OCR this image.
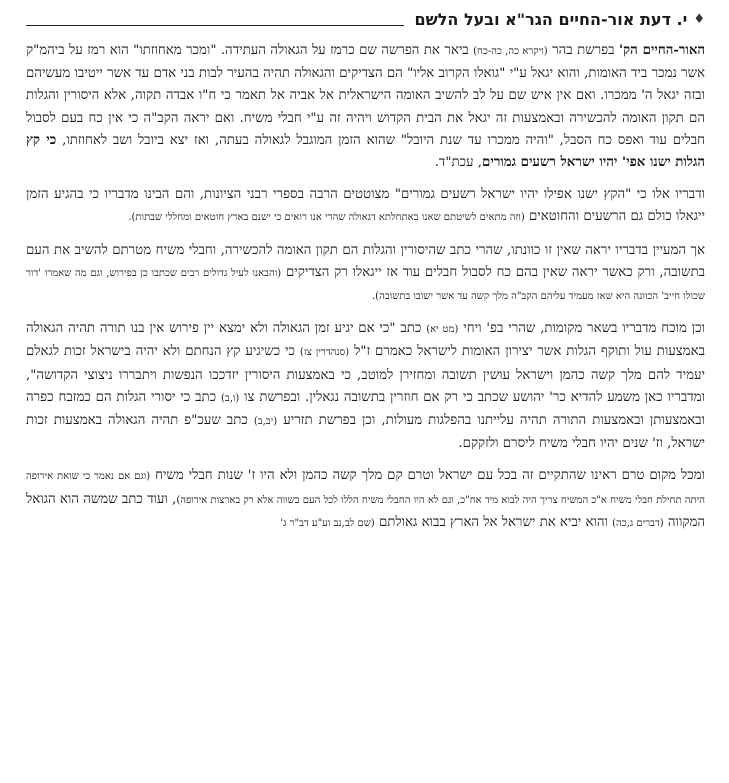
♦
י. דעת אור-החיים הגר"א ובעל הלשם

האור-החיים הק' בפרשת בהר (ויקרא כה, כה-כח) ביאר את הפרשה שם כרמז על הגאולה העתידה. "ומכר מאחוזתו" הוא רמז על ביהמ"ק אשר נמכר ביד האומות, והוא יגאל ע"י "גואלו הקרוב אליו" הם הצדיקים והגאולה תהיה בהעיר לבות בני אדם עד אשר ייטיבו מעשיהם ובזה יגאל ה' ממכרו. ואם אין איש שם על לב להשיב האומה הישראלית אל אביה אל תאמר כי ח"ו אבדה תקוה, אלא היסורין והגלות הם תקון האומה להכשירה ובאמצעות זה יגאל את הבית הקדוש ויהיה זה ע"י חבלי משיח. ואם יראה הקב"ה כי אין כח בעם לסבול חבלים עוד ואפס כח הסבל, "והיה ממכרו עד שנת היובל" שהוא הזמן המוגבל לגאולה בעתה, ואז יצא ביובל ושב לאחוזתו, כי קץ הגלות ישנו אפי' יהיו ישראל רשעים גמורים, עכת"ד.

ודבריו אלו כי "הקץ ישנו אפילו יהיו ישראל רשעים גמורים" מצוטטים הרבה בספרי רבני הציונות, והם הבינו מדבריו כי בהגיע הזמן ייגאלו כולם גם הרשעים והחוטאים (וזה מתאים לשיטתם שאנו באתחלתא דגאולה שהרי אנו רואים כי ישנם בארץ חוטאים ומחללי שבתות).

אך המעיין בדבריו יראה שאין זו כוונתו, שהרי כתב שהיסורין והגלות הם תקון האומה להכשירה, וחבלי משיח מטרתם להשיב את העם בתשובה, ורק כאשר יראה שאין בהם כח לסבול חבלים עוד אז ייגאלו רק הצדיקים (והבאנו לעיל גדולים רבים שכתבו כן בפירוש, וגם מה שאמרו 'דור שכולו חייב' הכוונה היא שאז מעמיד עליהם הקב"ה מלך קשה עד אשר ישובו בתשובה).

וכן מוכח מדבריו בשאר מקומות, שהרי בפ' ויחי (מט יא) כתב "כי אם יגיע זמן הגאולה ולא ימצא יין פירוש אין בנו תורה תהיה הגאולה באמצעות עול ותוקף הגלות אשר יצירון האומות לישראל כאמרם ז"ל (סנהדרין צז) כי כשיגיע קץ הנחתם ולא יהיה בישראל זכות לגאלם יעמיד להם מלך קשה כהמן וישראל עושין תשובה ומחזירן למוטב, כי באמצעות היסורין יזדככו הנפשות ויתבררו ניצוצי הקדושה", ומדבריו כאן משמע להדיא כר' יהושע שכתב כי רק אם חוזרין בתשובה נגאלין. ובפרשת צו (ו,ב) כתב כי יסורי הגלות הם כמזבח כפרה ובאמצעותן ובאמצעות התורה תהיה עלייתנו בהפלגות מעולות, וכן בפרשת תזריע (יב,ב) כתב שעכ"פ תהיה הגאולה באמצעות זכות ישראל, וז' שנים יהיו חבלי משיח ליסרם ולזקקם.

ומכל מקום טרם ראינו שהתקיים זה בכל עם ישראל וטרם קם מלך קשה כהמן ולא היו ז' שנות חבלי משיח (וגם אם נאמר כי שואת אירופה היתה תחילת חבלי משיח א"כ המשיח צריך היה לבוא מיד אח"כ, וגם לא היו החבלי משיח הללו לכל העם בשווה אלא רק בארצות אירופה), ועוד כתב שמשה הוא הגואל המקווה (דברים ג,כה) והוא יביא את ישראל אל הארץ בבוא גאולתם (שם לב,נב וע"ע דב"ר ג'
